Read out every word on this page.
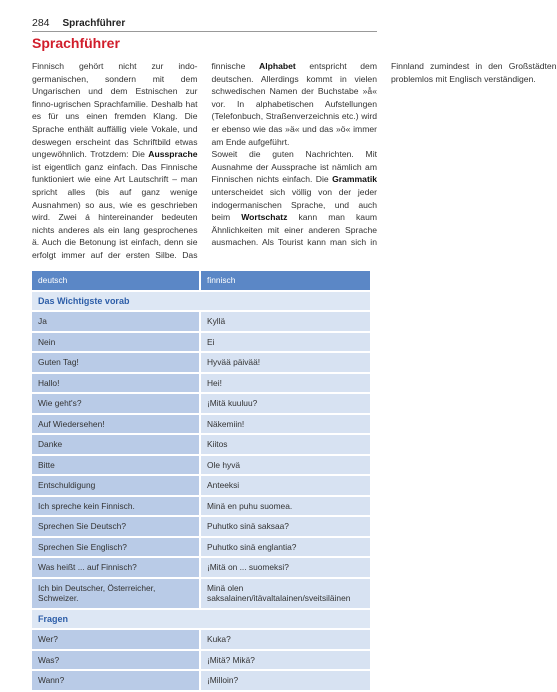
284 Sprachführer
Sprachführer

Finnisch gehört nicht zur indo-germanischen, sondern mit dem Ungarischen und dem Estnischen zur finno-ugrischen Sprachfamilie. Deshalb hat es für uns einen fremden Klang. Die Sprache enthält auffällig viele Vokale, und deswegen erscheint das Schriftbild etwas ungewöhnlich. Trotzdem: Die Aussprache ist eigentlich ganz einfach. Das Finnische funktioniert wie eine Art Lautschrift – man spricht alles (bis auf ganz wenige Ausnahmen) so aus, wie es geschrieben wird. Zwei á hintereinander bedeuten nichts anderes als ein lang gesprochenes ä. Auch die Betonung ist einfach, denn sie erfolgt immer auf der ersten Silbe. Das finnische Alphabet entspricht dem deutschen. Allerdings kommt in vielen schwedischen Namen der Buchstabe »å« vor. In alphabetischen Aufstellungen (Telefonbuch, Straßenverzeichnis etc.) wird er ebenso wie das »ä« und das »ö« immer am Ende aufgeführt.

Soweit die guten Nachrichten. Mit Ausnahme der Aussprache ist nämlich am Finnischen nichts einfach. Die Grammatik unterscheidet sich völlig von der jeder indogermanischen Sprache, und auch beim Wortschatz kann man kaum Ähnlichkeiten mit einer anderen Sprache ausmachen. Als Tourist kann man sich in Finnland zumindest in den Großstädten problemlos mit Englisch verständigen.

deutsch	finnisch
Das Wichtigste vorab	
Ja	Kyllä
Nein	Ei
Guten Tag!	Hyvää päivää!
Hallo!	Hei!
Wie geht's?	¡Mitä kuuluu?
Auf Wiedersehen!	Näkemiin!
Danke	Kiitos
Bitte	Ole hyvä
Entschuldigung	Anteeksi
Ich spreche kein Finnisch.	Minä en puhu suomea.
Sprechen Sie Deutsch?	Puhutko sinä saksaa?
Sprechen Sie Englisch?	Puhutko sinä englantia?
Was heißt ... auf Finnisch?	¡Mitä on ... suomeksi?
Ich bin Deutscher, Österreicher, Schweizer.	Minä olen saksalainen/itävaltalainen/sveitsiläinen
Fragen	
Wer?	Kuka?
Was?	¡Mitä? Mikä?
Wann?	¡Milloin?
